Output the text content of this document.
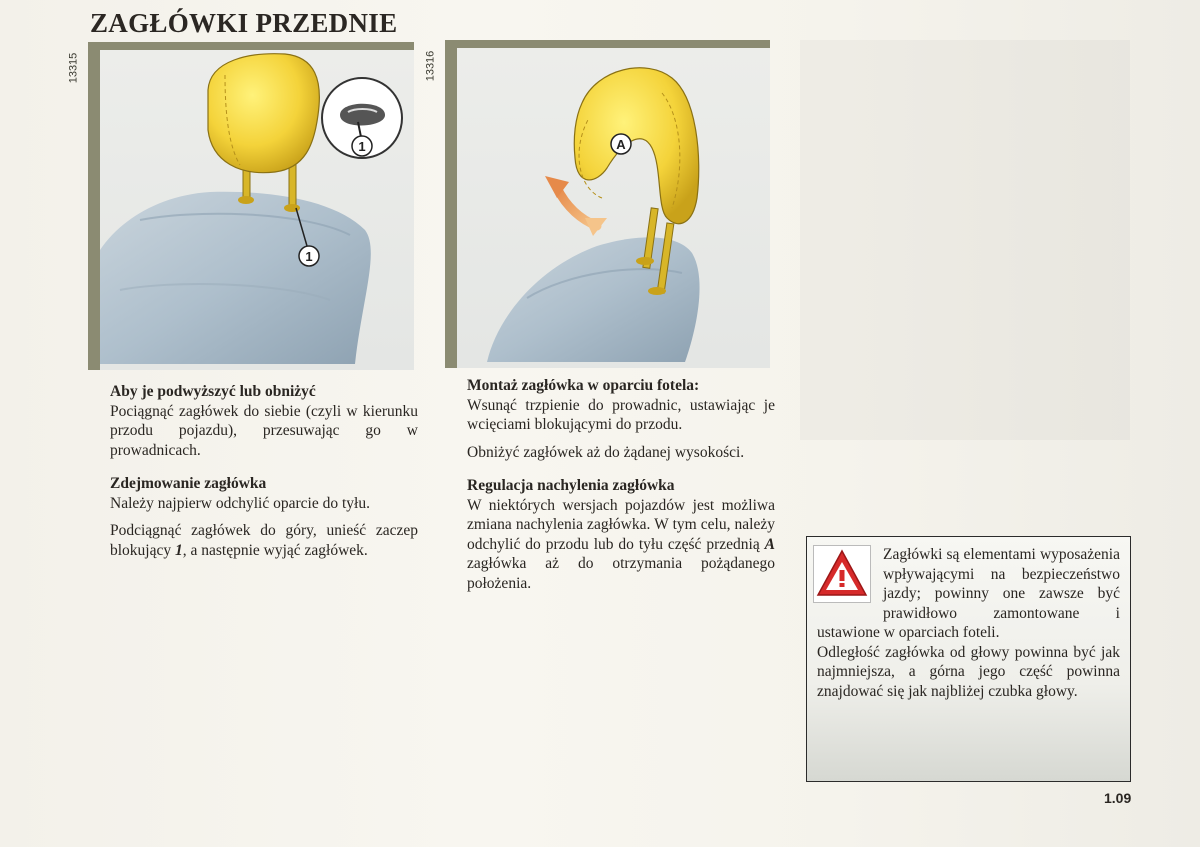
ZAGŁÓWKI PRZEDNIE
1
1
13315
A
13316
Aby je podwyższyć lub obniżyć

Pociągnąć zagłówek do siebie (czyli w kierunku przodu pojazdu), przesuwając go w prowadnicach.

Zdejmowanie zagłówka

Należy najpierw odchylić oparcie do tyłu.

Podciągnąć zagłówek do góry, unieść zaczep blokujący 1, a następnie wyjąć zagłówek.

Montaż zagłówka w oparciu fotela:

Wsunąć trzpienie do prowadnic, ustawiając je wcięciami blokującymi do przodu.

Obniżyć zagłówek aż do żądanej wysokości.

Regulacja nachylenia zagłówka

W niektórych wersjach pojazdów jest możliwa zmiana nachylenia zagłówka. W tym celu, należy odchylić do przodu lub do tyłu część przednią A zagłówka aż do otrzymania pożądanego położenia.

Zagłówki są elementami wyposażenia wpływającymi na bezpieczeństwo jazdy; powinny one zawsze być prawidłowo zamontowane i ustawione w oparciach foteli.

Odległość zagłówka od głowy powinna być jak najmniejsza, a górna jego część powinna znajdować się jak najbliżej czubka głowy.

1.09
